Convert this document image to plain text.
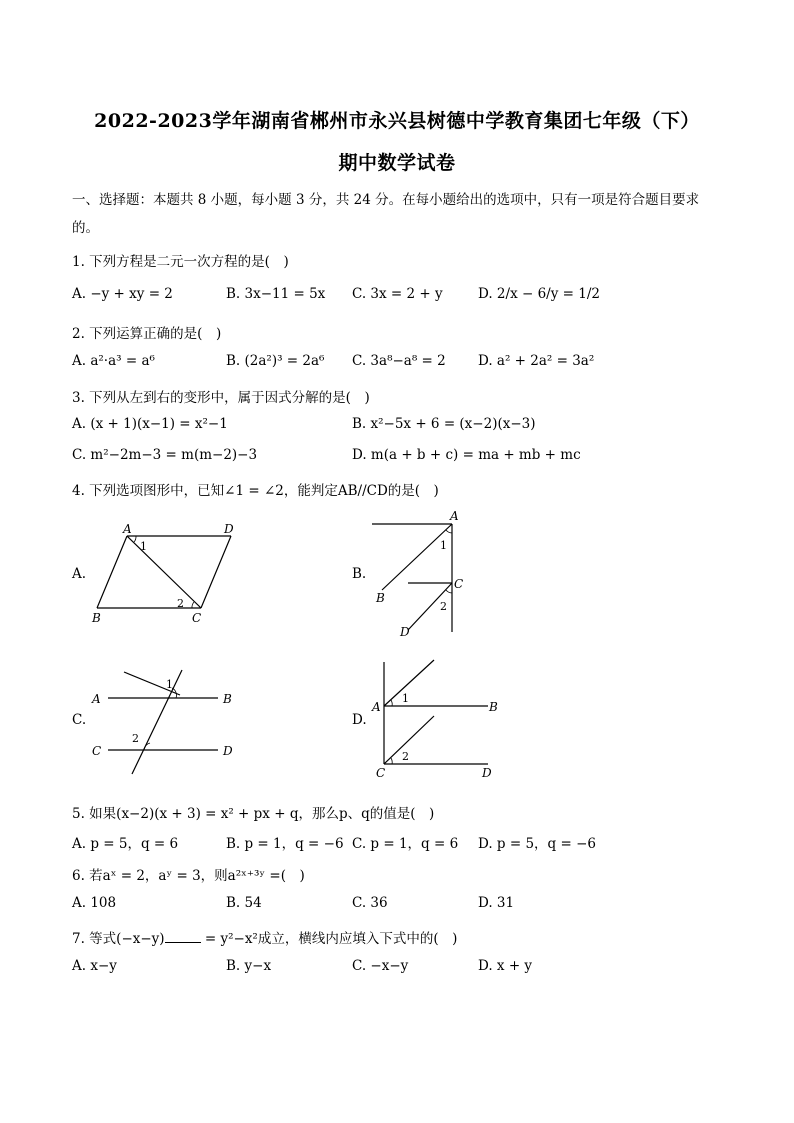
2022-2023学年湖南省郴州市永兴县树德中学教育集团七年级（下）
期中数学试卷
一、选择题：本题共 8 小题，每小题 3 分，共 24 分。在每小题给出的选项中，只有一项是符合题目要求
的。
1. 下列方程是二元一次方程的是(　)
A. −y + xy = 2	B. 3x−11 = 5x C. 3x = 2 + y	D. 2/x − 6/y = 1/2
2. 下列运算正确的是(　)
A. a²·a³ = a⁶	B. (2a²)³ = 2a⁶ C. 3a⁸−a⁸ = 2 D. a² + 2a² = 3a²
3. 下列从左到右的变形中，属于因式分解的是(　)
A. (x + 1)(x−1) = x²−1	B. x²−5x + 6 = (x−2)(x−3)
C. m²−2m−3 = m(m−2)−3	D. m(a + b + c) = ma + mb + mc
4. 下列选项图形中，已知∠1 = ∠2，能判定AB//CD的是(　)
A.
A	D
1
2
B	C
B.
A
1
C
B
2
D
C.
1
A	B
2
C	D
D.
A
1
B
2
C	D
5. 如果(x−2)(x + 3) = x² + px + q，那么p、q的值是(　)
A. p = 5，q = 6	B. p = 1，q = −6 C. p = 1，q = 6 D. p = 5，q = −6
6. 若aˣ = 2，aʸ = 3，则a²ˣ⁺³ʸ =(　)
A. 108	B. 54	C. 36	D. 31
7. 等式(−x−y)	= y²−x²成立，横线内应填入下式中的(　)
A. x−y	B. y−x	C. −x−y	D. x + y
